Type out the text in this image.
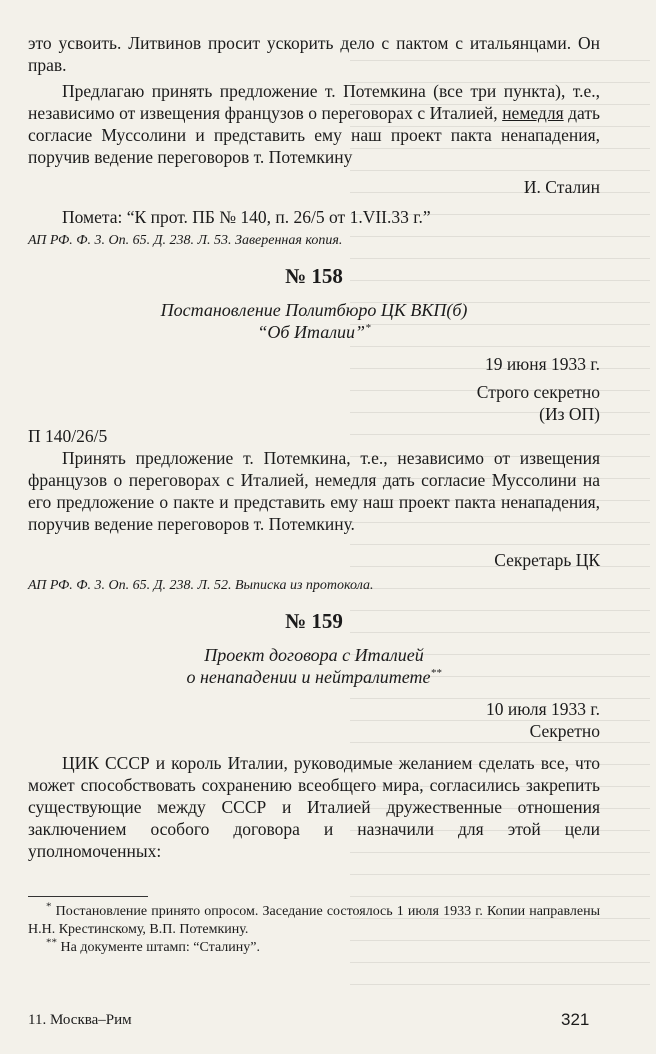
это усвоить. Литвинов просит ускорить дело с пактом с итальянцами. Он прав.

Предлагаю принять предложение т. Потемкина (все три пункта), т.е., независимо от извещения французов о переговорах с Италией, немедля дать согласие Муссолини и представить ему наш проект пакта ненападения, поручив ведение переговоров т. Потемкину

И. Сталин

Помета: “К прот. ПБ № 140, п. 26/5 от 1.VII.33 г.”

АП РФ. Ф. 3. Оп. 65. Д. 238. Л. 53. Заверенная копия.

№ 158

Постановление Политбюро ЦК ВКП(б)

“Об Италии”*

19 июня 1933 г.

Строго секретно

(Из ОП)

П 140/26/5

Принять предложение т. Потемкина, т.е., независимо от извещения французов о переговорах с Италией, немедля дать согласие Муссолини на его предложение о пакте и представить ему наш проект пакта ненападения, поручив ведение переговоров т. Потемкину.

Секретарь ЦК

АП РФ. Ф. 3. Оп. 65. Д. 238. Л. 52. Выписка из протокола.

№ 159

Проект договора с Италией

о ненападении и нейтралитете**

10 июля 1933 г.

Секретно

ЦИК СССР и король Италии, руководимые желанием сделать все, что может способствовать сохранению всеобщего мира, согласились закрепить существующие между СССР и Италией дружественные отношения заключением особого договора и назначили для этой цели уполномоченных:

* Постановление принято опросом. Заседание состоялось 1 июля 1933 г. Копии направлены Н.Н. Крестинскому, В.П. Потемкину.

** На документе штамп: “Сталину”.

11. Москва–Рим	321
